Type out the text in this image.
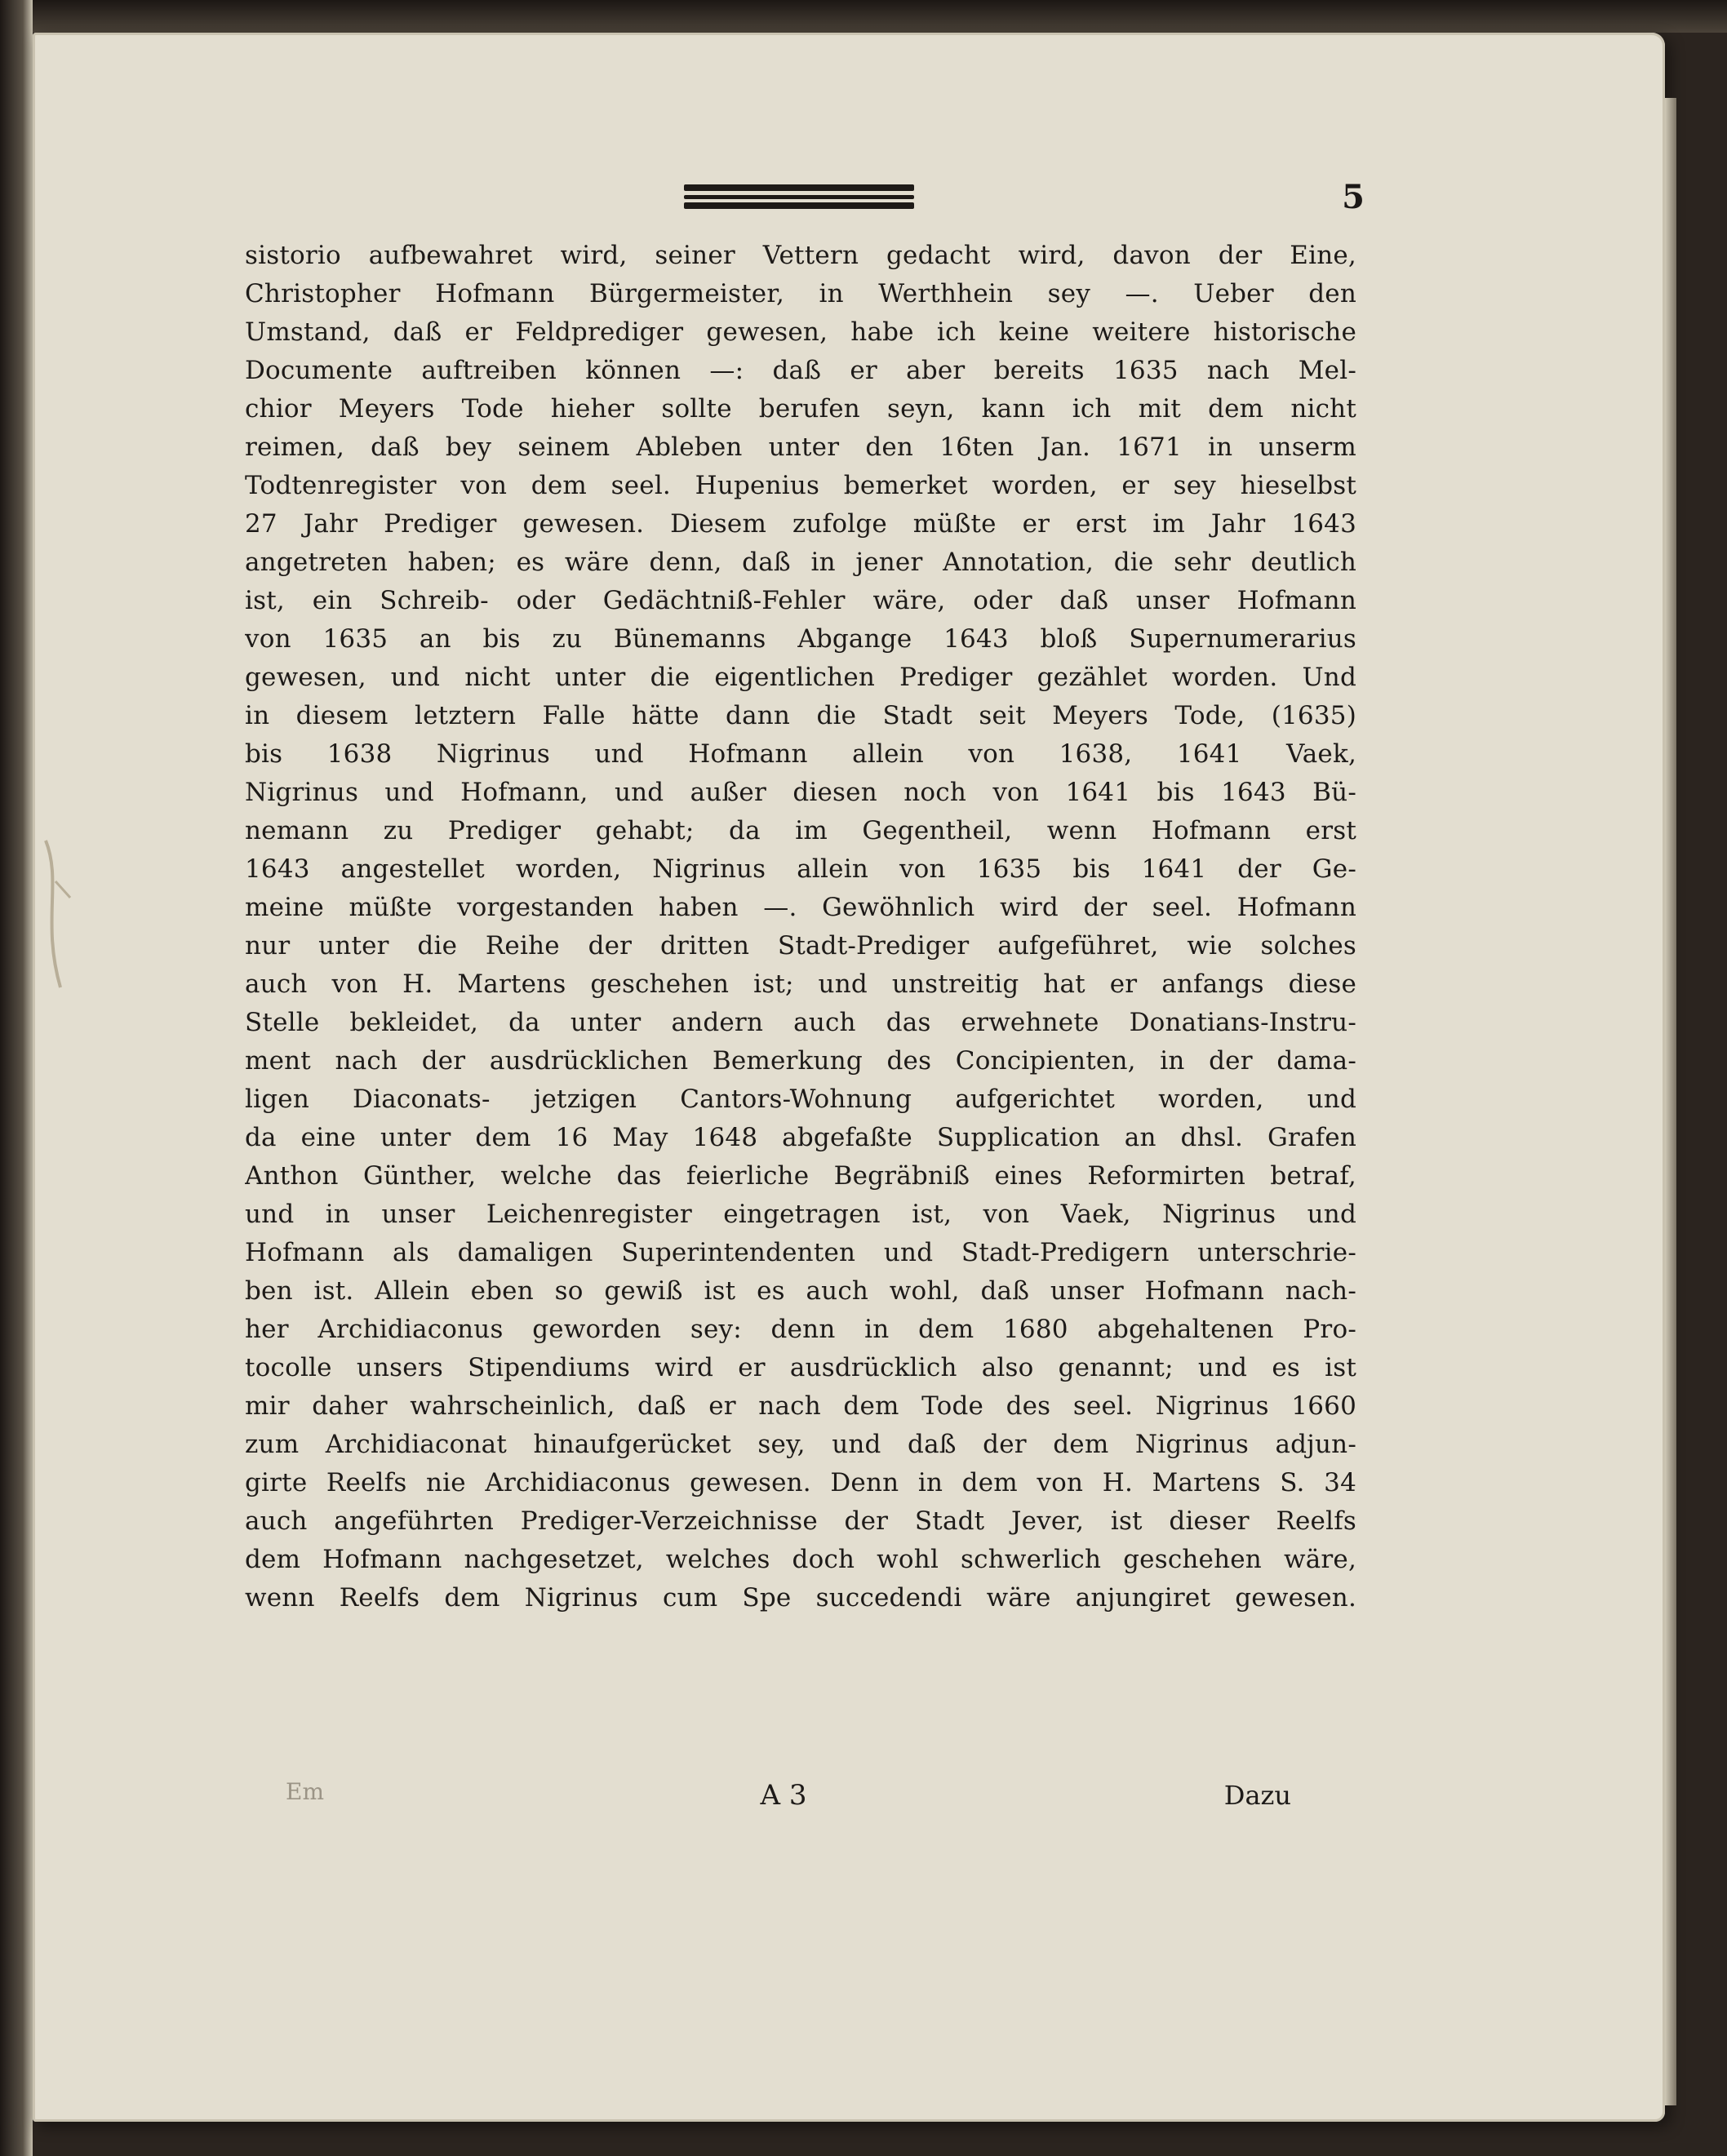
5
sistorio aufbewahret wird, seiner Vettern gedacht wird, davon der Eine,
Christopher Hofmann Bürgermeister, in Werthhein sey —. Ueber den
Umstand, daß er Feldprediger gewesen, habe ich keine weitere historische
Documente auftreiben können —: daß er aber bereits 1635 nach Mel-
chior Meyers Tode hieher sollte berufen seyn, kann ich mit dem nicht
reimen, daß bey seinem Ableben unter den 16ten Jan. 1671 in unserm
Todtenregister von dem seel. Hupenius bemerket worden, er sey hieselbst
27 Jahr Prediger gewesen. Diesem zufolge müßte er erst im Jahr 1643
angetreten haben; es wäre denn, daß in jener Annotation, die sehr deutlich
ist, ein Schreib- oder Gedächtniß-Fehler wäre, oder daß unser Hofmann
von 1635 an bis zu Bünemanns Abgange 1643 bloß Supernumerarius
gewesen, und nicht unter die eigentlichen Prediger gezählet worden. Und
in diesem letztern Falle hätte dann die Stadt seit Meyers Tode, (1635)
bis 1638 Nigrinus und Hofmann allein von 1638, 1641 Vaek,
Nigrinus und Hofmann, und außer diesen noch von 1641 bis 1643 Bü-
nemann zu Prediger gehabt; da im Gegentheil, wenn Hofmann erst
1643 angestellet worden, Nigrinus allein von 1635 bis 1641 der Ge-
meine müßte vorgestanden haben —. Gewöhnlich wird der seel. Hofmann
nur unter die Reihe der dritten Stadt-Prediger aufgeführet, wie solches
auch von H. Martens geschehen ist; und unstreitig hat er anfangs diese
Stelle bekleidet, da unter andern auch das erwehnete Donatians-Instru-
ment nach der ausdrücklichen Bemerkung des Concipienten, in der dama-
ligen Diaconats- jetzigen Cantors-Wohnung aufgerichtet worden, und
da eine unter dem 16 May 1648 abgefaßte Supplication an dhsl. Grafen
Anthon Günther, welche das feierliche Begräbniß eines Reformirten betraf,
und in unser Leichenregister eingetragen ist, von Vaek, Nigrinus und
Hofmann als damaligen Superintendenten und Stadt-Predigern unterschrie-
ben ist. Allein eben so gewiß ist es auch wohl, daß unser Hofmann nach-
her Archidiaconus geworden sey: denn in dem 1680 abgehaltenen Pro-
tocolle unsers Stipendiums wird er ausdrücklich also genannt; und es ist
mir daher wahrscheinlich, daß er nach dem Tode des seel. Nigrinus 1660
zum Archidiaconat hinaufgerücket sey, und daß der dem Nigrinus adjun-
girte Reelfs nie Archidiaconus gewesen. Denn in dem von H. Martens S. 34
auch angeführten Prediger-Verzeichnisse der Stadt Jever, ist dieser Reelfs
dem Hofmann nachgesetzet, welches doch wohl schwerlich geschehen wäre,
wenn Reelfs dem Nigrinus cum Spe succedendi wäre anjungiret gewesen.
Em	A 3	Dazu
